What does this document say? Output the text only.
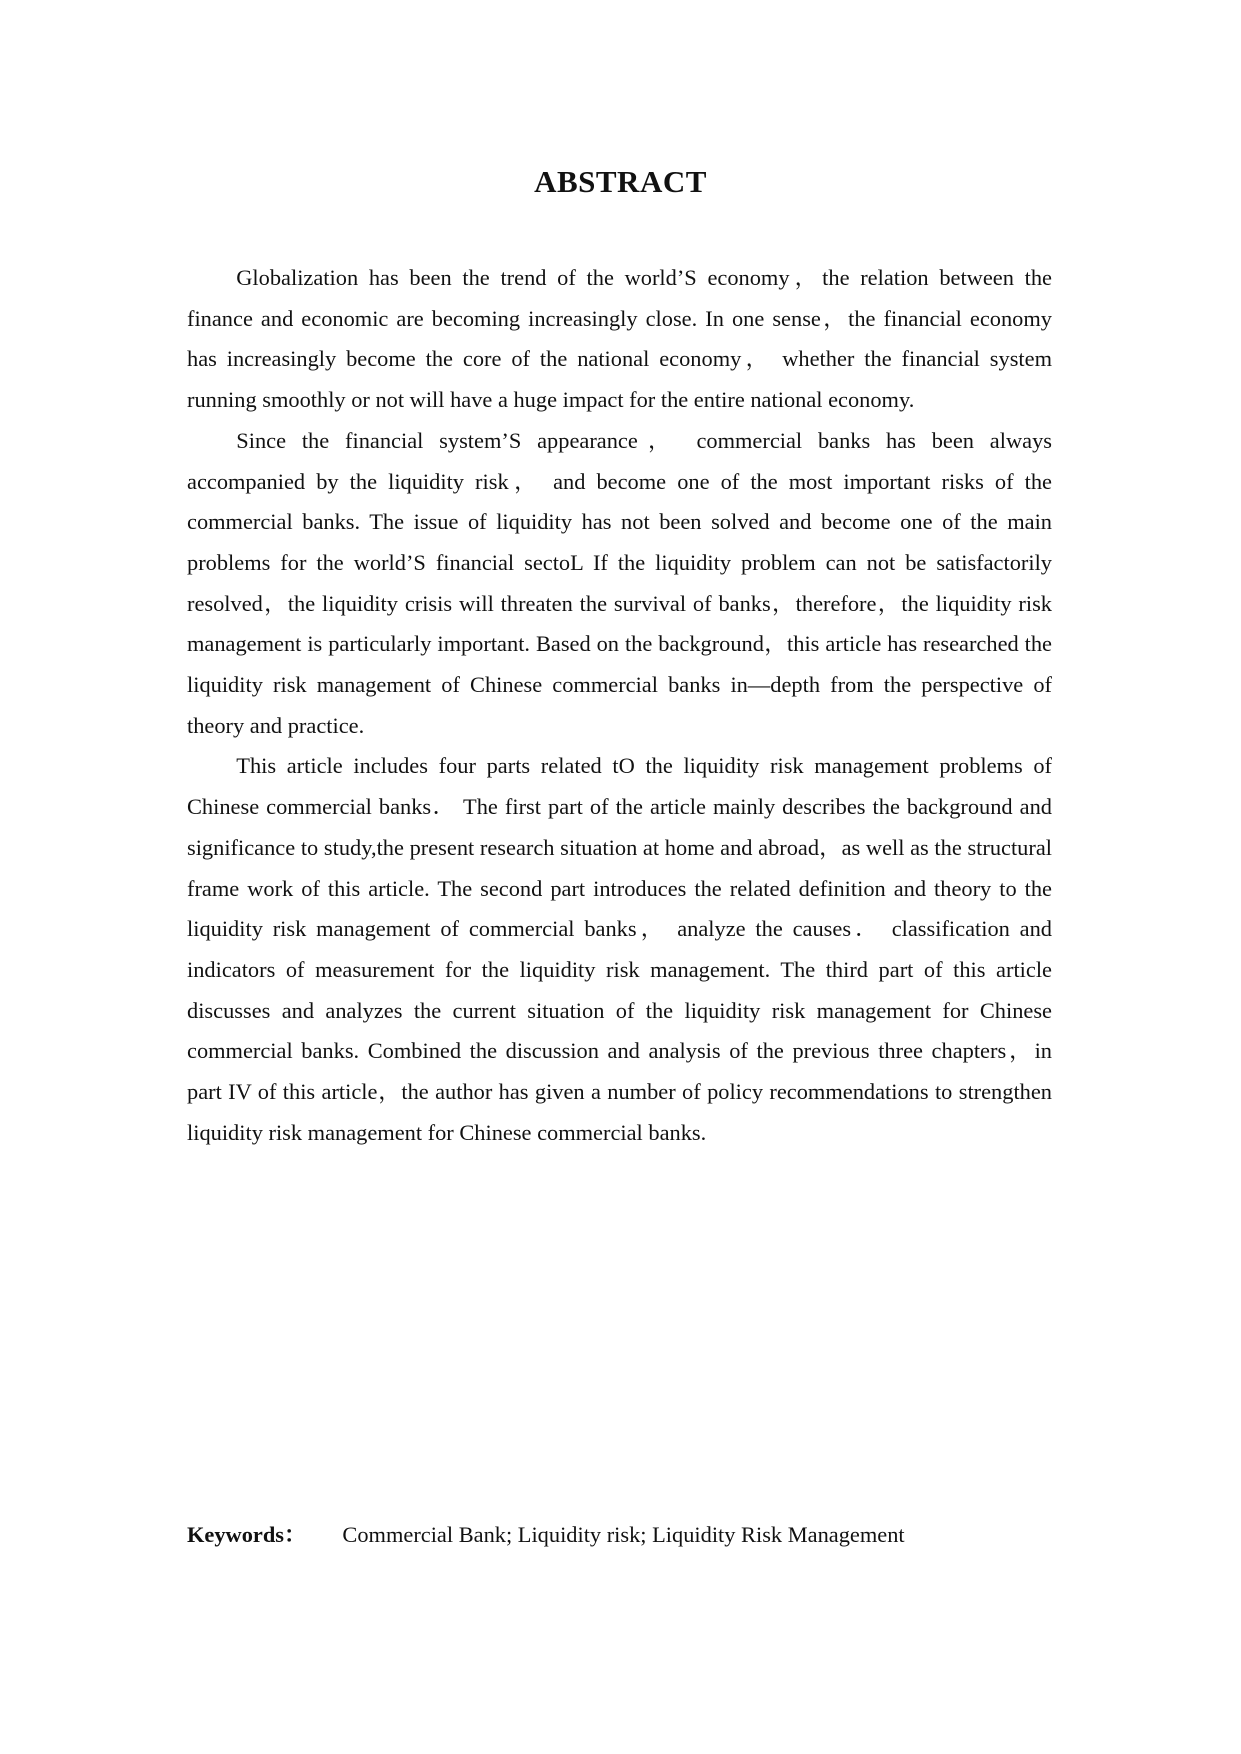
ABSTRACT

Globalization has been the trend of the world’S economy，the relation between the finance and economic are becoming increasingly close. In one sense，the financial economy has increasingly become the core of the national economy， whether the financial system running smoothly or not will have a huge impact for the entire national economy.

Since the financial system’S appearance， commercial banks has been always accompanied by the liquidity risk， and become one of the most important risks of the commercial banks. The issue of liquidity has not been solved and become one of the main problems for the world’S financial sectoL If the liquidity problem can not be satisfactorily resolved，the liquidity crisis will threaten the survival of banks，therefore，the liquidity risk management is particularly important. Based on the background，this article has researched the liquidity risk management of Chinese commercial banks in—depth from the perspective of theory and practice.

This article includes four parts related tO the liquidity risk management problems of Chinese commercial banks． The first part of the article mainly describes the background and significance to study,the present research situation at home and abroad，as well as the structural frame work of this article. The second part introduces the related definition and theory to the liquidity risk management of commercial banks， analyze the causes． classification and indicators of measurement for the liquidity risk management. The third part of this article discusses and analyzes the current situation of the liquidity risk management for Chinese commercial banks. Combined the discussion and analysis of the previous three chapters，in part IV of this article，the author has given a number of policy recommendations to strengthen liquidity risk management for Chinese commercial banks.

Keywords： Commercial Bank; Liquidity risk; Liquidity Risk Management
